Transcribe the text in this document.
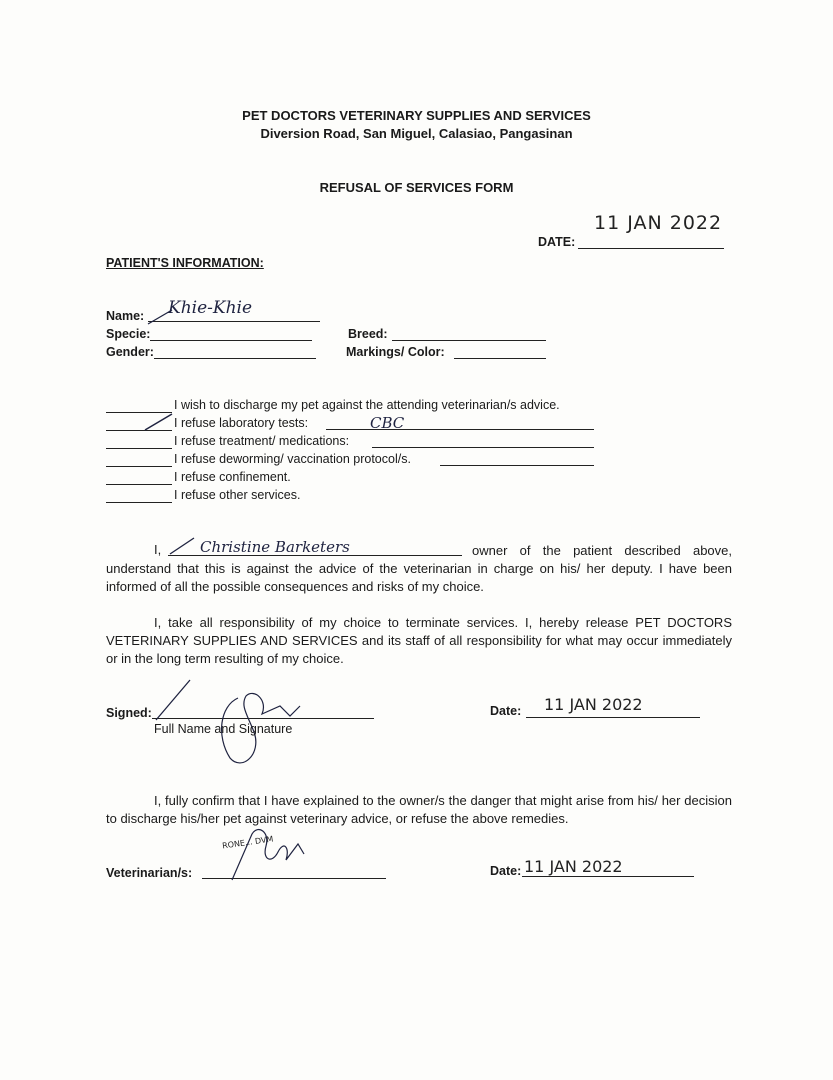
PET DOCTORS VETERINARY SUPPLIES AND SERVICES
Diversion Road, San Miguel, Calasiao, Pangasinan
REFUSAL OF SERVICES FORM
11 JAN 2022
DATE:
PATIENT'S INFORMATION:
Name: Khie-Khie
Specie:	Breed:
Gender:	Markings/ Color:
I wish to discharge my pet against the attending veterinarian/s advice.
I refuse laboratory tests:	CBC
I refuse treatment/ medications:
I refuse deworming/ vaccination protocol/s.
I refuse confinement.
I refuse other services.
I,	Christine Barketers	owner of the patient described above, understand that this is against the advice of the veterinarian in charge on his/ her deputy. I have been informed of all the possible consequences and risks of my choice.
I, take all responsibility of my choice to terminate services. I, hereby release PET DOCTORS VETERINARY SUPPLIES AND SERVICES and its staff of all responsibility for what may occur immediately or in the long term resulting of my choice.
Signed:
Full Name and Signature
Date: 11 JAN 2022
I, fully confirm that I have explained to the owner/s the danger that might arise from his/ her decision to discharge his/her pet against veterinary advice, or refuse the above remedies.
Veterinarian/s:
RONE... DVM
Date: 11 JAN 2022
